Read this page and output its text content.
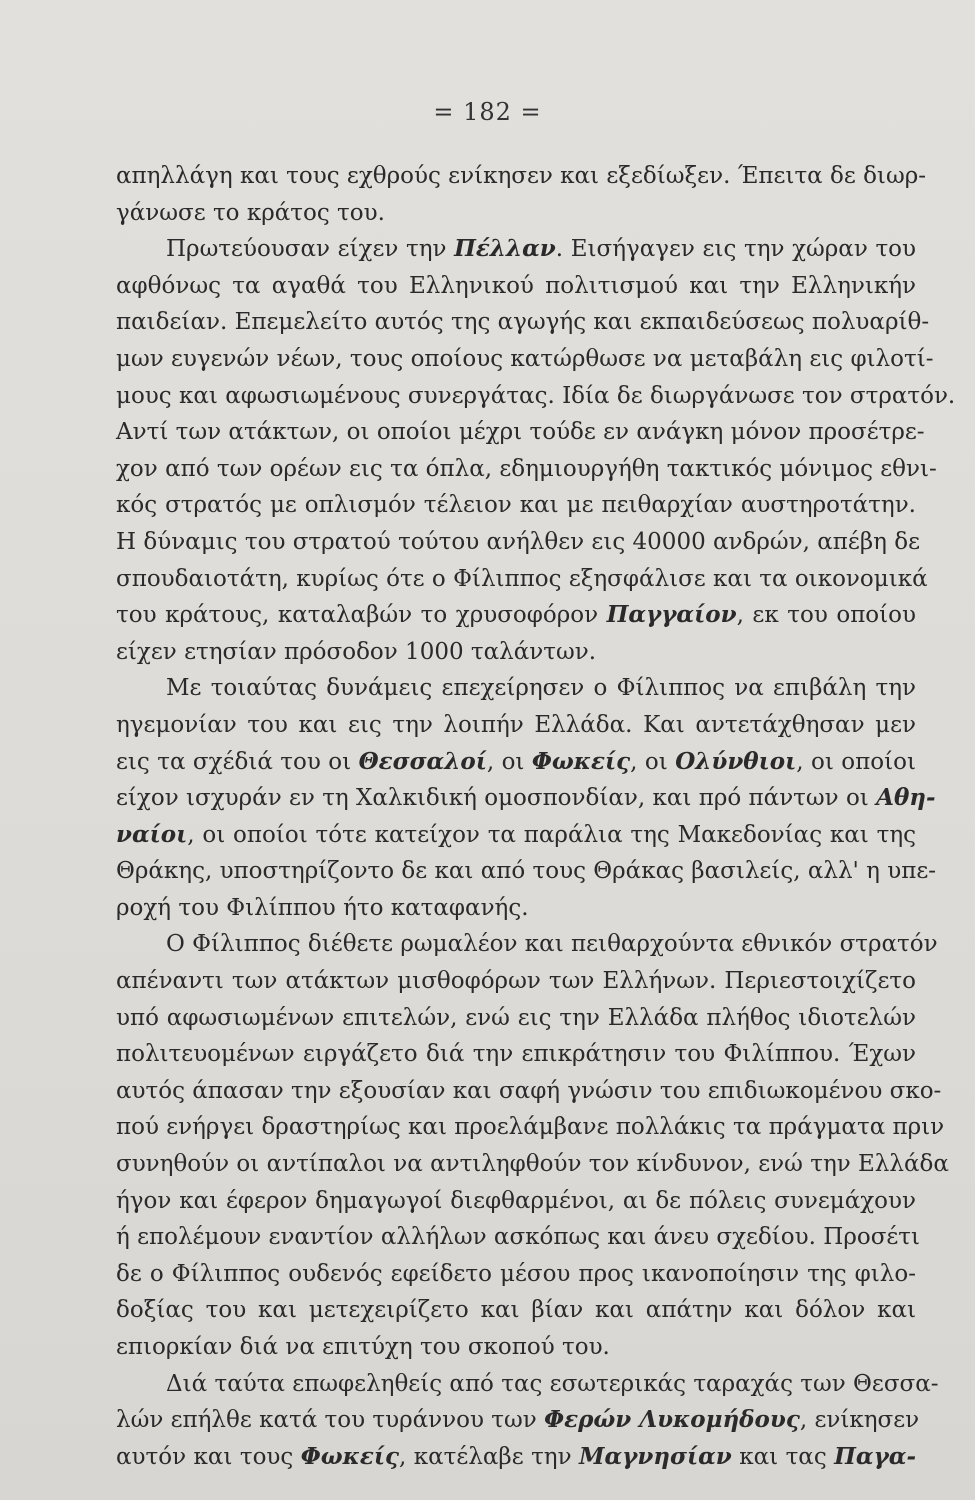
= 182 =
απηλλάγη και τους εχθρούς ενίκησεν και εξεδίωξεν. Έπειτα δε διωρ-
γάνωσε το κράτος του.
Πρωτεύουσαν είχεν την Πέλλαν. Εισήγαγεν εις την χώραν του
αφθόνως τα αγαθά του Ελληνικού πολιτισμού και την Ελληνικήν
παιδείαν. Επεμελείτο αυτός της αγωγής και εκπαιδεύσεως πολυαρίθ-
μων ευγενών νέων, τους οποίους κατώρθωσε να μεταβάλη εις φιλοτί-
μους και αφωσιωμένους συνεργάτας. Ιδία δε διωργάνωσε τον στρατόν.
Αντί των ατάκτων, οι οποίοι μέχρι τούδε εν ανάγκη μόνον προσέτρε-
χον από των ορέων εις τα όπλα, εδημιουργήθη τακτικός μόνιμος εθνι-
κός στρατός με οπλισμόν τέλειον και με πειθαρχίαν αυστηροτάτην.
Η δύναμις του στρατού τούτου ανήλθεν εις 40000 ανδρών, απέβη δε
σπουδαιοτάτη, κυρίως ότε ο Φίλιππος εξησφάλισε και τα οικονομικά
του κράτους, καταλαβών το χρυσοφόρον Παγγαίον, εκ του οποίου
είχεν ετησίαν πρόσοδον 1000 ταλάντων.
Με τοιαύτας δυνάμεις επεχείρησεν ο Φίλιππος να επιβάλη την
ηγεμονίαν του και εις την λοιπήν Ελλάδα. Και αντετάχθησαν μεν
εις τα σχέδιά του οι Θεσσαλοί, οι Φωκείς, οι Ολύνθιοι, οι οποίοι
είχον ισχυράν εν τη Χαλκιδική ομοσπονδίαν, και πρό πάντων οι Αθη-
ναίοι, οι οποίοι τότε κατείχον τα παράλια της Μακεδονίας και της
Θράκης, υποστηρίζοντο δε και από τους Θράκας βασιλείς, αλλ' η υπε-
ροχή του Φιλίππου ήτο καταφανής.
Ο Φίλιππος διέθετε ρωμαλέον και πειθαρχούντα εθνικόν στρατόν
απέναντι των ατάκτων μισθοφόρων των Ελλήνων. Περιεστοιχίζετο
υπό αφωσιωμένων επιτελών, ενώ εις την Ελλάδα πλήθος ιδιοτελών
πολιτευομένων ειργάζετο διά την επικράτησιν του Φιλίππου. Έχων
αυτός άπασαν την εξουσίαν και σαφή γνώσιν του επιδιωκομένου σκο-
πού ενήργει δραστηρίως και προελάμβανε πολλάκις τα πράγματα πριν
συνηθούν οι αντίπαλοι να αντιληφθούν τον κίνδυνον, ενώ την Ελλάδα
ήγον και έφερον δημαγωγοί διεφθαρμένοι, αι δε πόλεις συνεμάχουν
ή επολέμουν εναντίον αλλήλων ασκόπως και άνευ σχεδίου. Προσέτι
δε ο Φίλιππος ουδενός εφείδετο μέσου προς ικανοποίησιν της φιλο-
δοξίας του και μετεχειρίζετο και βίαν και απάτην και δόλον και
επιορκίαν διά να επιτύχη του σκοπού του.
Διά ταύτα επωφεληθείς από τας εσωτερικάς ταραχάς των Θεσσα-
λών επήλθε κατά του τυράννου των Φερών Λυκομήδους, ενίκησεν
αυτόν και τους Φωκείς, κατέλαβε την Μαγνησίαν και τας Παγα-
